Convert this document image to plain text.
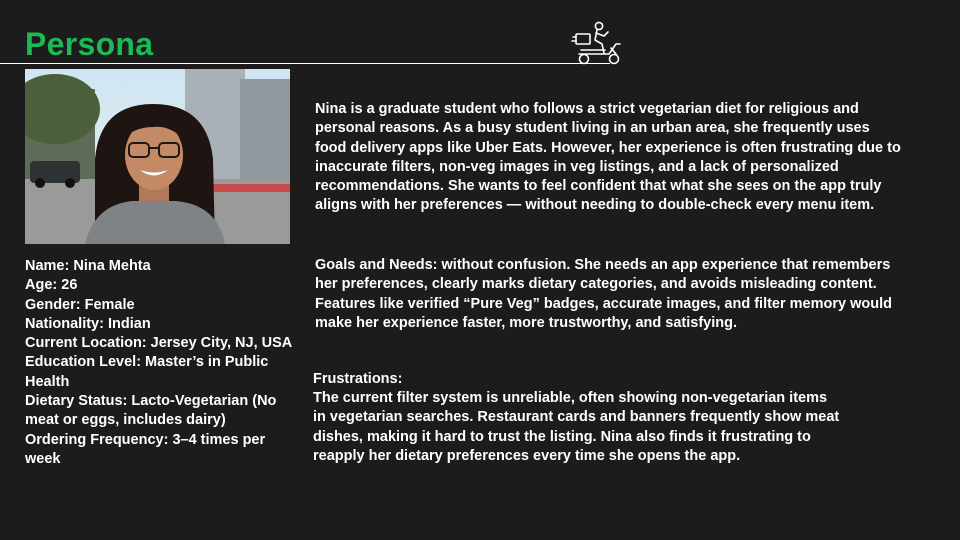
Persona

Name: Nina Mehta

Age: 26

Gender: Female

Nationality: Indian

Current Location: Jersey City, NJ, USA

Education Level: Master’s in Public Health

Dietary Status: Lacto-Vegetarian (No meat or eggs, includes dairy)

Ordering Frequency: 3–4 times per week

Nina is a graduate student who follows a strict vegetarian diet for religious and personal reasons. As a busy student living in an urban area, she frequently uses food delivery apps like Uber Eats. However, her experience is often frustrating due to inaccurate filters, non-veg images in veg listings, and a lack of personalized recommendations. She wants to feel confident that what she sees on the app truly aligns with her preferences — without needing to double-check every menu item.

Goals and Needs: without confusion. She needs an app experience that remembers her preferences, clearly marks dietary categories, and avoids misleading content. Features like verified “Pure Veg” badges, accurate images, and filter memory would make her experience faster, more trustworthy, and satisfying.

Frustrations:

The current filter system is unreliable, often showing non-vegetarian items in vegetarian searches. Restaurant cards and banners frequently show meat dishes, making it hard to trust the listing. Nina also finds it frustrating to reapply her dietary preferences every time she opens the app.
